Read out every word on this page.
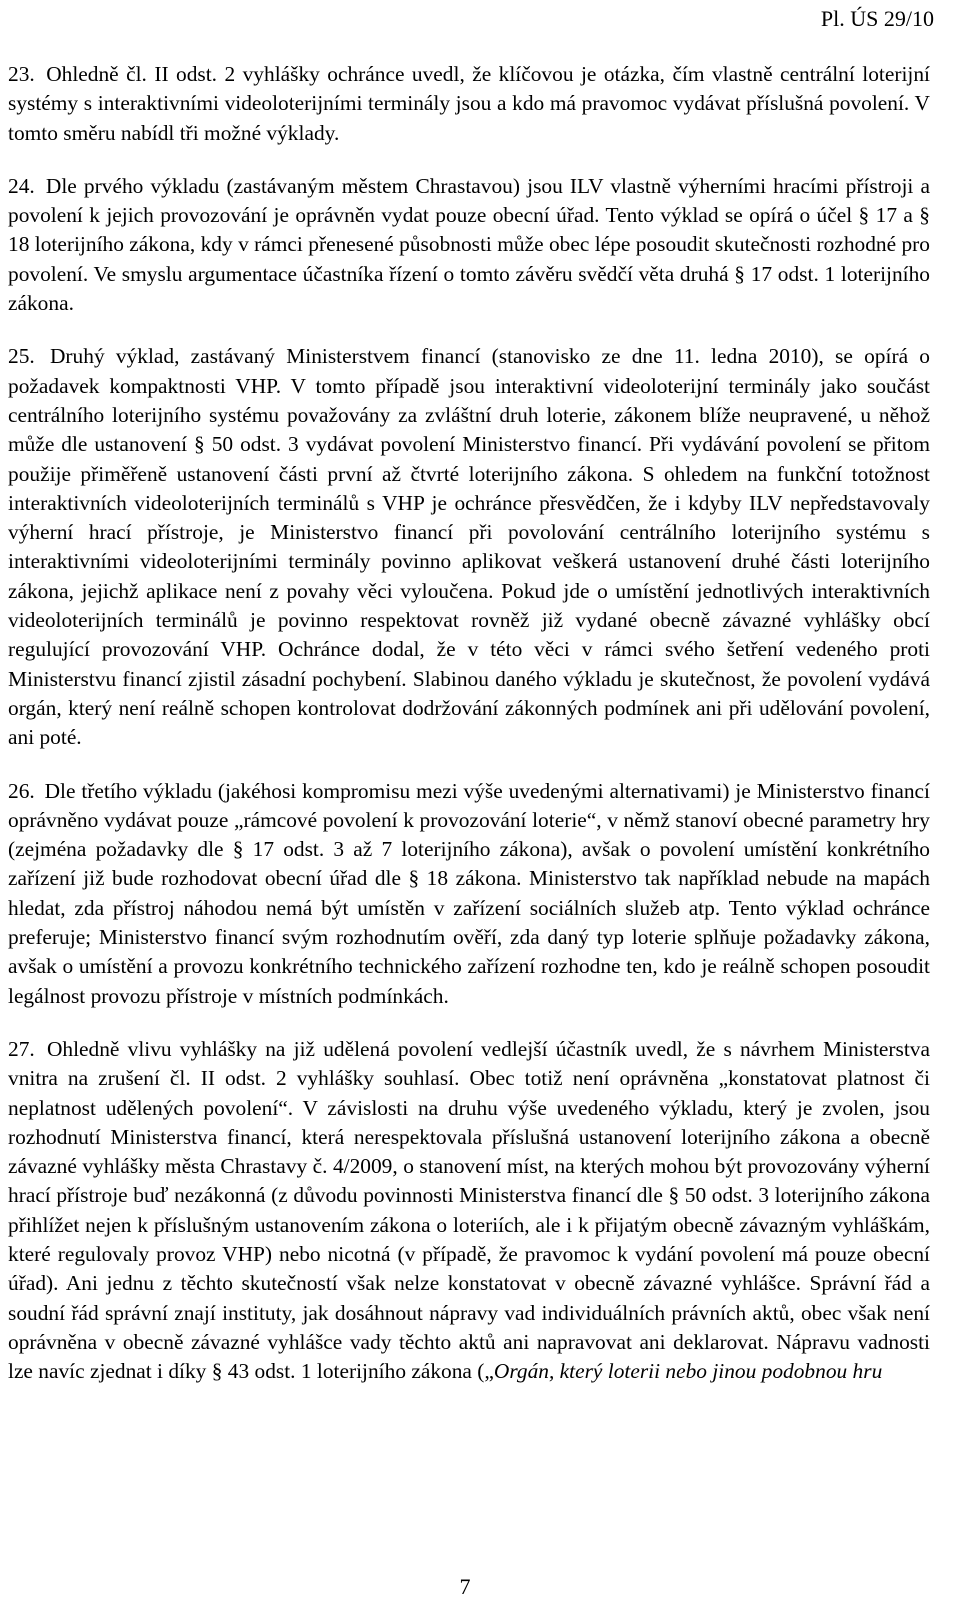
Pl. ÚS 29/10

23. Ohledně čl. II odst. 2 vyhlášky ochránce uvedl, že klíčovou je otázka, čím vlastně centrální loterijní systémy s interaktivními videoloterijními terminály jsou a kdo má pravomoc vydávat příslušná povolení. V tomto směru nabídl tři možné výklady.

24. Dle prvého výkladu (zastávaným městem Chrastavou) jsou ILV vlastně výherními hracími přístroji a povolení k jejich provozování je oprávněn vydat pouze obecní úřad. Tento výklad se opírá o účel § 17 a § 18 loterijního zákona, kdy v rámci přenesené působnosti může obec lépe posoudit skutečnosti rozhodné pro povolení. Ve smyslu argumentace účastníka řízení o tomto závěru svědčí věta druhá § 17 odst. 1 loterijního zákona.

25. Druhý výklad, zastávaný Ministerstvem financí (stanovisko ze dne 11. ledna 2010), se opírá o požadavek kompaktnosti VHP. V tomto případě jsou interaktivní videoloterijní terminály jako součást centrálního loterijního systému považovány za zvláštní druh loterie, zákonem blíže neupravené, u něhož může dle ustanovení § 50 odst. 3 vydávat povolení Ministerstvo financí. Při vydávání povolení se přitom použije přiměřeně ustanovení části první až čtvrté loterijního zákona. S ohledem na funkční totožnost interaktivních videoloterijních terminálů s VHP je ochránce přesvědčen, že i kdyby ILV nepředstavovaly výherní hrací přístroje, je Ministerstvo financí při povolování centrálního loterijního systému s interaktivními videoloterijními terminály povinno aplikovat veškerá ustanovení druhé části loterijního zákona, jejichž aplikace není z povahy věci vyloučena. Pokud jde o umístění jednotlivých interaktivních videoloterijních terminálů je povinno respektovat rovněž již vydané obecně závazné vyhlášky obcí regulující provozování VHP. Ochránce dodal, že v této věci v rámci svého šetření vedeného proti Ministerstvu financí zjistil zásadní pochybení. Slabinou daného výkladu je skutečnost, že povolení vydává orgán, který není reálně schopen kontrolovat dodržování zákonných podmínek ani při udělování povolení, ani poté.

26. Dle třetího výkladu (jakéhosi kompromisu mezi výše uvedenými alternativami) je Ministerstvo financí oprávněno vydávat pouze „rámcové povolení k provozování loterie“, v němž stanoví obecné parametry hry (zejména požadavky dle § 17 odst. 3 až 7 loterijního zákona), avšak o povolení umístění konkrétního zařízení již bude rozhodovat obecní úřad dle § 18 zákona. Ministerstvo tak například nebude na mapách hledat, zda přístroj náhodou nemá být umístěn v zařízení sociálních služeb atp. Tento výklad ochránce preferuje; Ministerstvo financí svým rozhodnutím ověří, zda daný typ loterie splňuje požadavky zákona, avšak o umístění a provozu konkrétního technického zařízení rozhodne ten, kdo je reálně schopen posoudit legálnost provozu přístroje v místních podmínkách.

27. Ohledně vlivu vyhlášky na již udělená povolení vedlejší účastník uvedl, že s návrhem Ministerstva vnitra na zrušení čl. II odst. 2 vyhlášky souhlasí. Obec totiž není oprávněna „konstatovat platnost či neplatnost udělených povolení“. V závislosti na druhu výše uvedeného výkladu, který je zvolen, jsou rozhodnutí Ministerstva financí, která nerespektovala příslušná ustanovení loterijního zákona a obecně závazné vyhlášky města Chrastavy č. 4/2009, o stanovení míst, na kterých mohou být provozovány výherní hrací přístroje buď nezákonná (z důvodu povinnosti Ministerstva financí dle § 50 odst. 3 loterijního zákona přihlížet nejen k příslušným ustanovením zákona o loteriích, ale i k přijatým obecně závazným vyhláškám, které regulovaly provoz VHP) nebo nicotná (v případě, že pravomoc k vydání povolení má pouze obecní úřad). Ani jednu z těchto skutečností však nelze konstatovat v obecně závazné vyhlášce. Správní řád a soudní řád správní znají instituty, jak dosáhnout nápravy vad individuálních právních aktů, obec však není oprávněna v obecně závazné vyhlášce vady těchto aktů ani napravovat ani deklarovat. Nápravu vadnosti lze navíc zjednat i díky § 43 odst. 1 loterijního zákona („Orgán, který loterii nebo jinou podobnou hru

7
